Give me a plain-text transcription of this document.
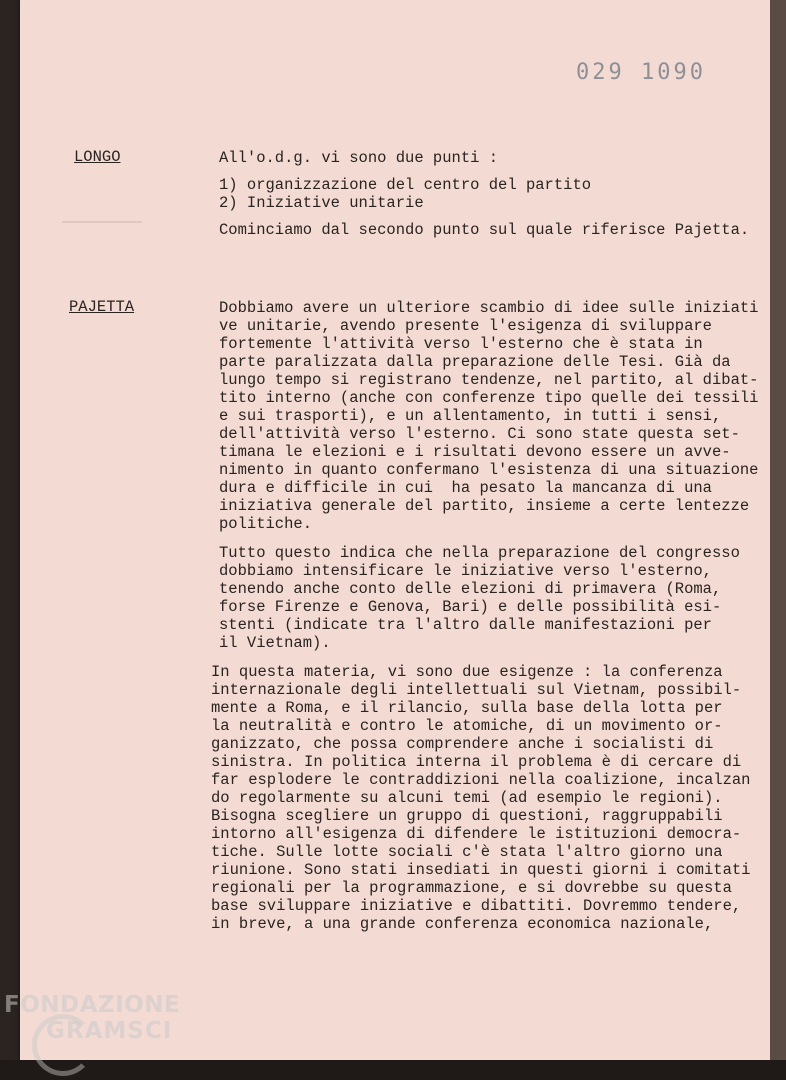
029 1090
LONGO
PAJETTA
All'o.d.g. vi sono due punti :
1) organizzazione del centro del partito
2) Iniziative unitarie
Cominciamo dal secondo punto sul quale riferisce Pajetta.
Dobbiamo avere un ulteriore scambio di idee sulle iniziati
ve unitarie, avendo presente l'esigenza di sviluppare
fortemente l'attività verso l'esterno che è stata in
parte paralizzata dalla preparazione delle Tesi. Già da
lungo tempo si registrano tendenze, nel partito, al dibat-
tito interno (anche con conferenze tipo quelle dei tessili
e sui trasporti), e un allentamento, in tutti i sensi,
dell'attività verso l'esterno. Ci sono state questa set-
timana le elezioni e i risultati devono essere un avve-
nimento in quanto confermano l'esistenza di una situazione
dura e difficile in cui  ha pesato la mancanza di una
iniziativa generale del partito, insieme a certe lentezze
politiche.
Tutto questo indica che nella preparazione del congresso
dobbiamo intensificare le iniziative verso l'esterno,
tenendo anche conto delle elezioni di primavera (Roma,
forse Firenze e Genova, Bari) e delle possibilità esi-
stenti (indicate tra l'altro dalle manifestazioni per
il Vietnam).
In questa materia, vi sono due esigenze : la conferenza
internazionale degli intellettuali sul Vietnam, possibil-
mente a Roma, e il rilancio, sulla base della lotta per
la neutralità e contro le atomiche, di un movimento or-
ganizzato, che possa comprendere anche i socialisti di
sinistra. In politica interna il problema è di cercare di
far esplodere le contraddizioni nella coalizione, incalzan
do regolarmente su alcuni temi (ad esempio le regioni).
Bisogna scegliere un gruppo di questioni, raggruppabili
intorno all'esigenza di difendere le istituzioni democra-
tiche. Sulle lotte sociali c'è stata l'altro giorno una
riunione. Sono stati insediati in questi giorni i comitati
regionali per la programmazione, e si dovrebbe su questa
base sviluppare iniziative e dibattiti. Dovremmo tendere,
in breve, a una grande conferenza economica nazionale,
FONDAZIONE
GRAMSCI
